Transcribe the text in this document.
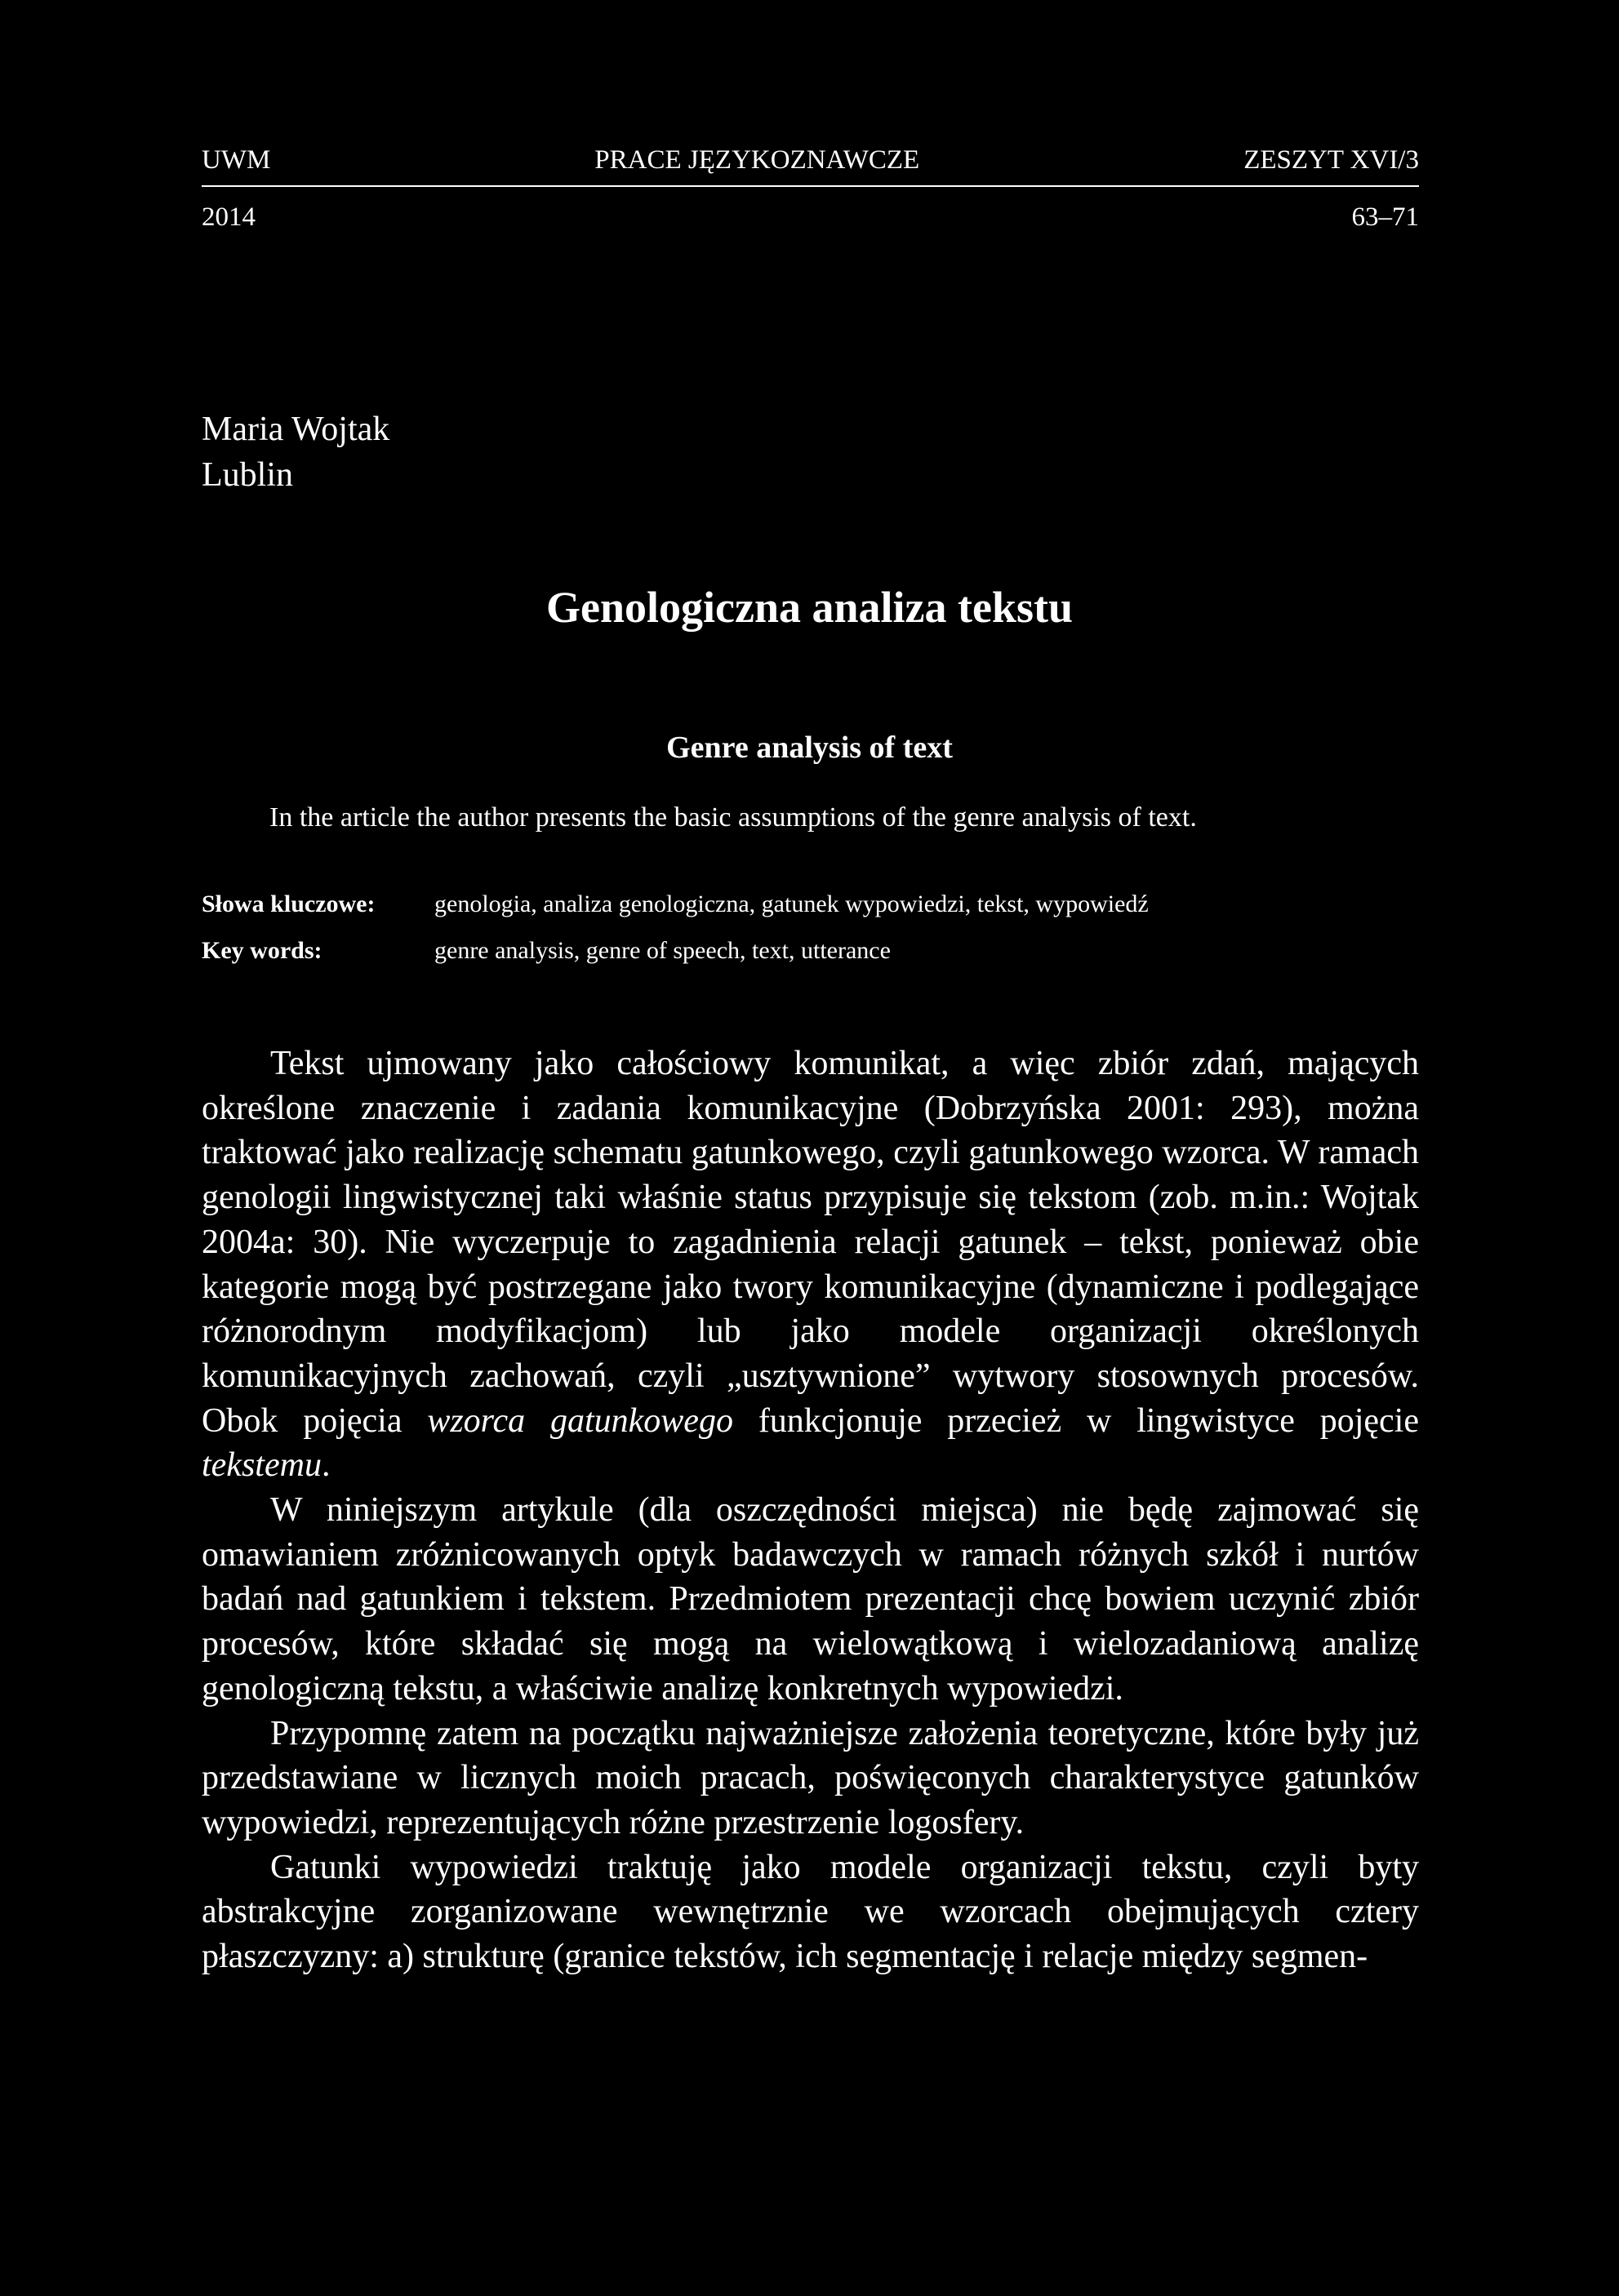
UWM	PRACE JĘZYKOZNAWCZE	ZESZYT XVI/3
2014	63–71
Maria Wojtak
Lublin
Genologiczna analiza tekstu
Genre analysis of text
In the article the author presents the basic assumptions of the genre analysis of text.
Słowa kluczowe:	genologia, analiza genologiczna, gatunek wypowiedzi, tekst, wypowiedź
Key words:	genre analysis, genre of speech, text, utterance

Tekst ujmowany jako całościowy komunikat, a więc zbiór zdań, mających określone znaczenie i zadania komunikacyjne (Dobrzyńska 2001: 293), można traktować jako realizację schematu gatunkowego, czyli gatunkowego wzorca. W ramach genologii lingwistycznej taki właśnie status przypisuje się tekstom (zob. m.in.: Wojtak 2004a: 30). Nie wyczerpuje to zagadnienia relacji gatunek – tekst, ponieważ obie kategorie mogą być postrzegane jako twory komunikacyjne (dynamiczne i podlegające różnorodnym modyfikacjom) lub jako modele organizacji określonych komunikacyjnych zachowań, czyli „usztywnione” wytwory stosownych procesów. Obok pojęcia wzorca gatunkowego funkcjonuje przecież w lingwistyce pojęcie tekstemu.

W niniejszym artykule (dla oszczędności miejsca) nie będę zajmować się omawianiem zróżnicowanych optyk badawczych w ramach różnych szkół i nurtów badań nad gatunkiem i tekstem. Przedmiotem prezentacji chcę bowiem uczynić zbiór procesów, które składać się mogą na wielowątkową i wielozadaniową analizę genologiczną tekstu, a właściwie analizę konkretnych wypowiedzi.

Przypomnę zatem na początku najważniejsze założenia teoretyczne, które były już przedstawiane w licznych moich pracach, poświęconych charakterystyce gatunków wypowiedzi, reprezentujących różne przestrzenie logosfery.

Gatunki wypowiedzi traktuję jako modele organizacji tekstu, czyli byty abstrakcyjne zorganizowane wewnętrznie we wzorcach obejmujących cztery płaszczyzny: a) strukturę (granice tekstów, ich segmentację i relacje między segmen-
